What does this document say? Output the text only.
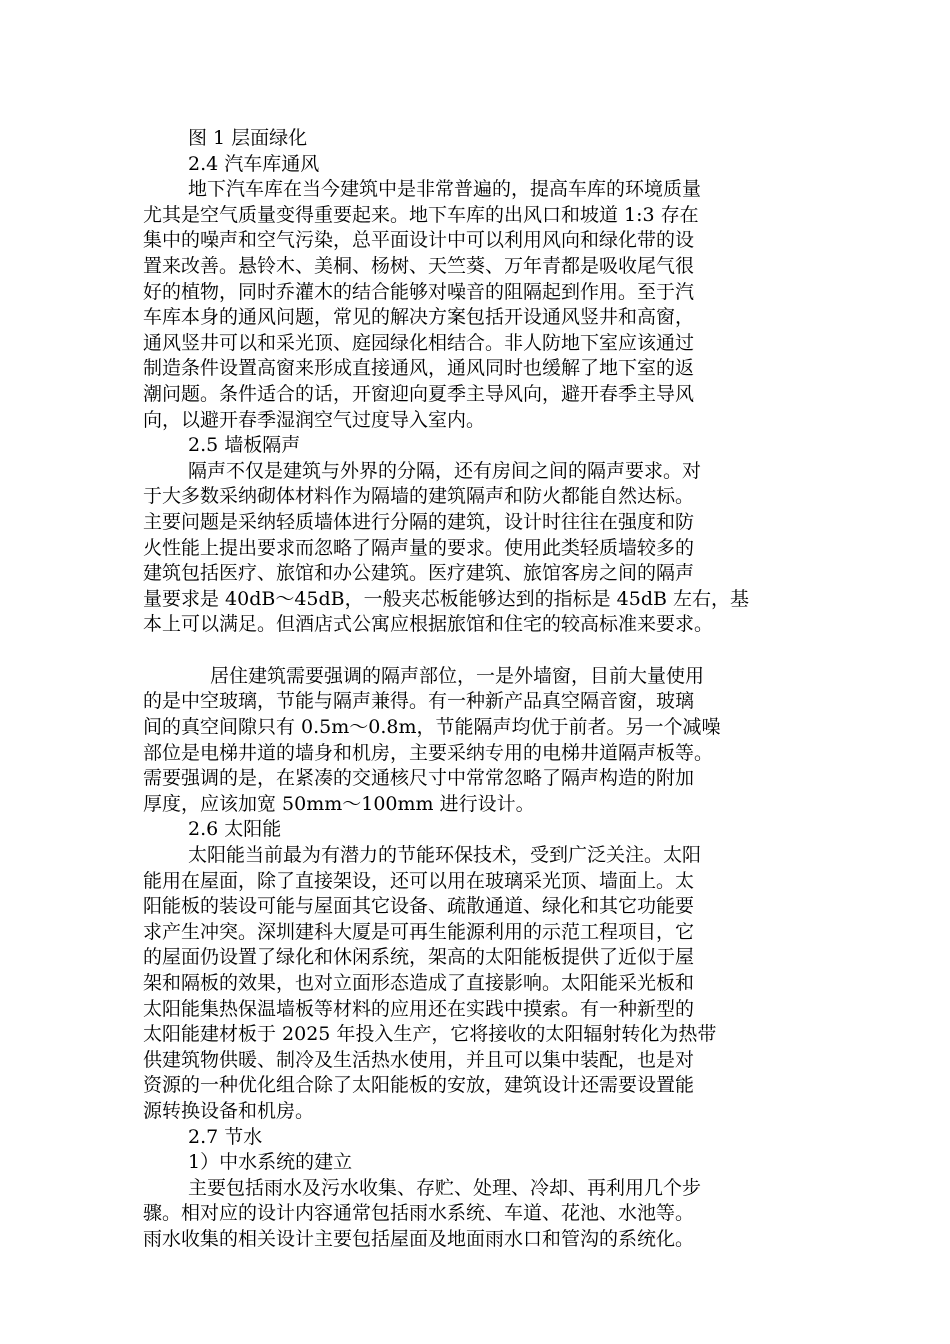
图 1 层面绿化
2.4 汽车库通风
地下汽车库在当今建筑中是非常普遍的，提高车库的环境质量
尤其是空气质量变得重要起来。地下车库的出风口和坡道 1:3 存在
集中的噪声和空气污染，总平面设计中可以利用风向和绿化带的设
置来改善。悬铃木、美桐、杨树、天竺葵、万年青都是吸收尾气很
好的植物，同时乔灌木的结合能够对噪音的阻隔起到作用。至于汽
车库本身的通风问题，常见的解决方案包括开设通风竖井和高窗，
通风竖井可以和采光顶、庭园绿化相结合。非人防地下室应该通过
制造条件设置高窗来形成直接通风，通风同时也缓解了地下室的返
潮问题。条件适合的话，开窗迎向夏季主导风向，避开春季主导风
向，以避开春季湿润空气过度导入室内。
2.5 墙板隔声
隔声不仅是建筑与外界的分隔，还有房间之间的隔声要求。对
于大多数采纳砌体材料作为隔墙的建筑隔声和防火都能自然达标。
主要问题是采纳轻质墙体进行分隔的建筑，设计时往往在强度和防
火性能上提出要求而忽略了隔声量的要求。使用此类轻质墙较多的
建筑包括医疗、旅馆和办公建筑。医疗建筑、旅馆客房之间的隔声
量要求是 40dB～45dB，一般夹芯板能够达到的指标是 45dB 左右，基
本上可以满足。但酒店式公寓应根据旅馆和住宅的较高标准来要求。
居住建筑需要强调的隔声部位，一是外墙窗，目前大量使用
的是中空玻璃，节能与隔声兼得。有一种新产品真空隔音窗，玻璃
间的真空间隙只有 0.5m～0.8m，节能隔声均优于前者。另一个减噪
部位是电梯井道的墙身和机房，主要采纳专用的电梯井道隔声板等。
需要强调的是，在紧凑的交通核尺寸中常常忽略了隔声构造的附加
厚度，应该加宽 50mm～100mm 进行设计。
2.6 太阳能
太阳能当前最为有潜力的节能环保技术，受到广泛关注。太阳
能用在屋面，除了直接架设，还可以用在玻璃采光顶、墙面上。太
阳能板的装设可能与屋面其它设备、疏散通道、绿化和其它功能要
求产生冲突。深圳建科大厦是可再生能源利用的示范工程项目，它
的屋面仍设置了绿化和休闲系统，架高的太阳能板提供了近似于屋
架和隔板的效果，也对立面形态造成了直接影响。太阳能采光板和
太阳能集热保温墙板等材料的应用还在实践中摸索。有一种新型的
太阳能建材板于 2025 年投入生产，它将接收的太阳辐射转化为热带
供建筑物供暖、制冷及生活热水使用，并且可以集中装配，也是对
资源的一种优化组合除了太阳能板的安放，建筑设计还需要设置能
源转换设备和机房。
2.7 节水
1）中水系统的建立
主要包括雨水及污水收集、存贮、处理、冷却、再利用几个步
骤。相对应的设计内容通常包括雨水系统、车道、花池、水池等。
雨水收集的相关设计主要包括屋面及地面雨水口和管沟的系统化。
